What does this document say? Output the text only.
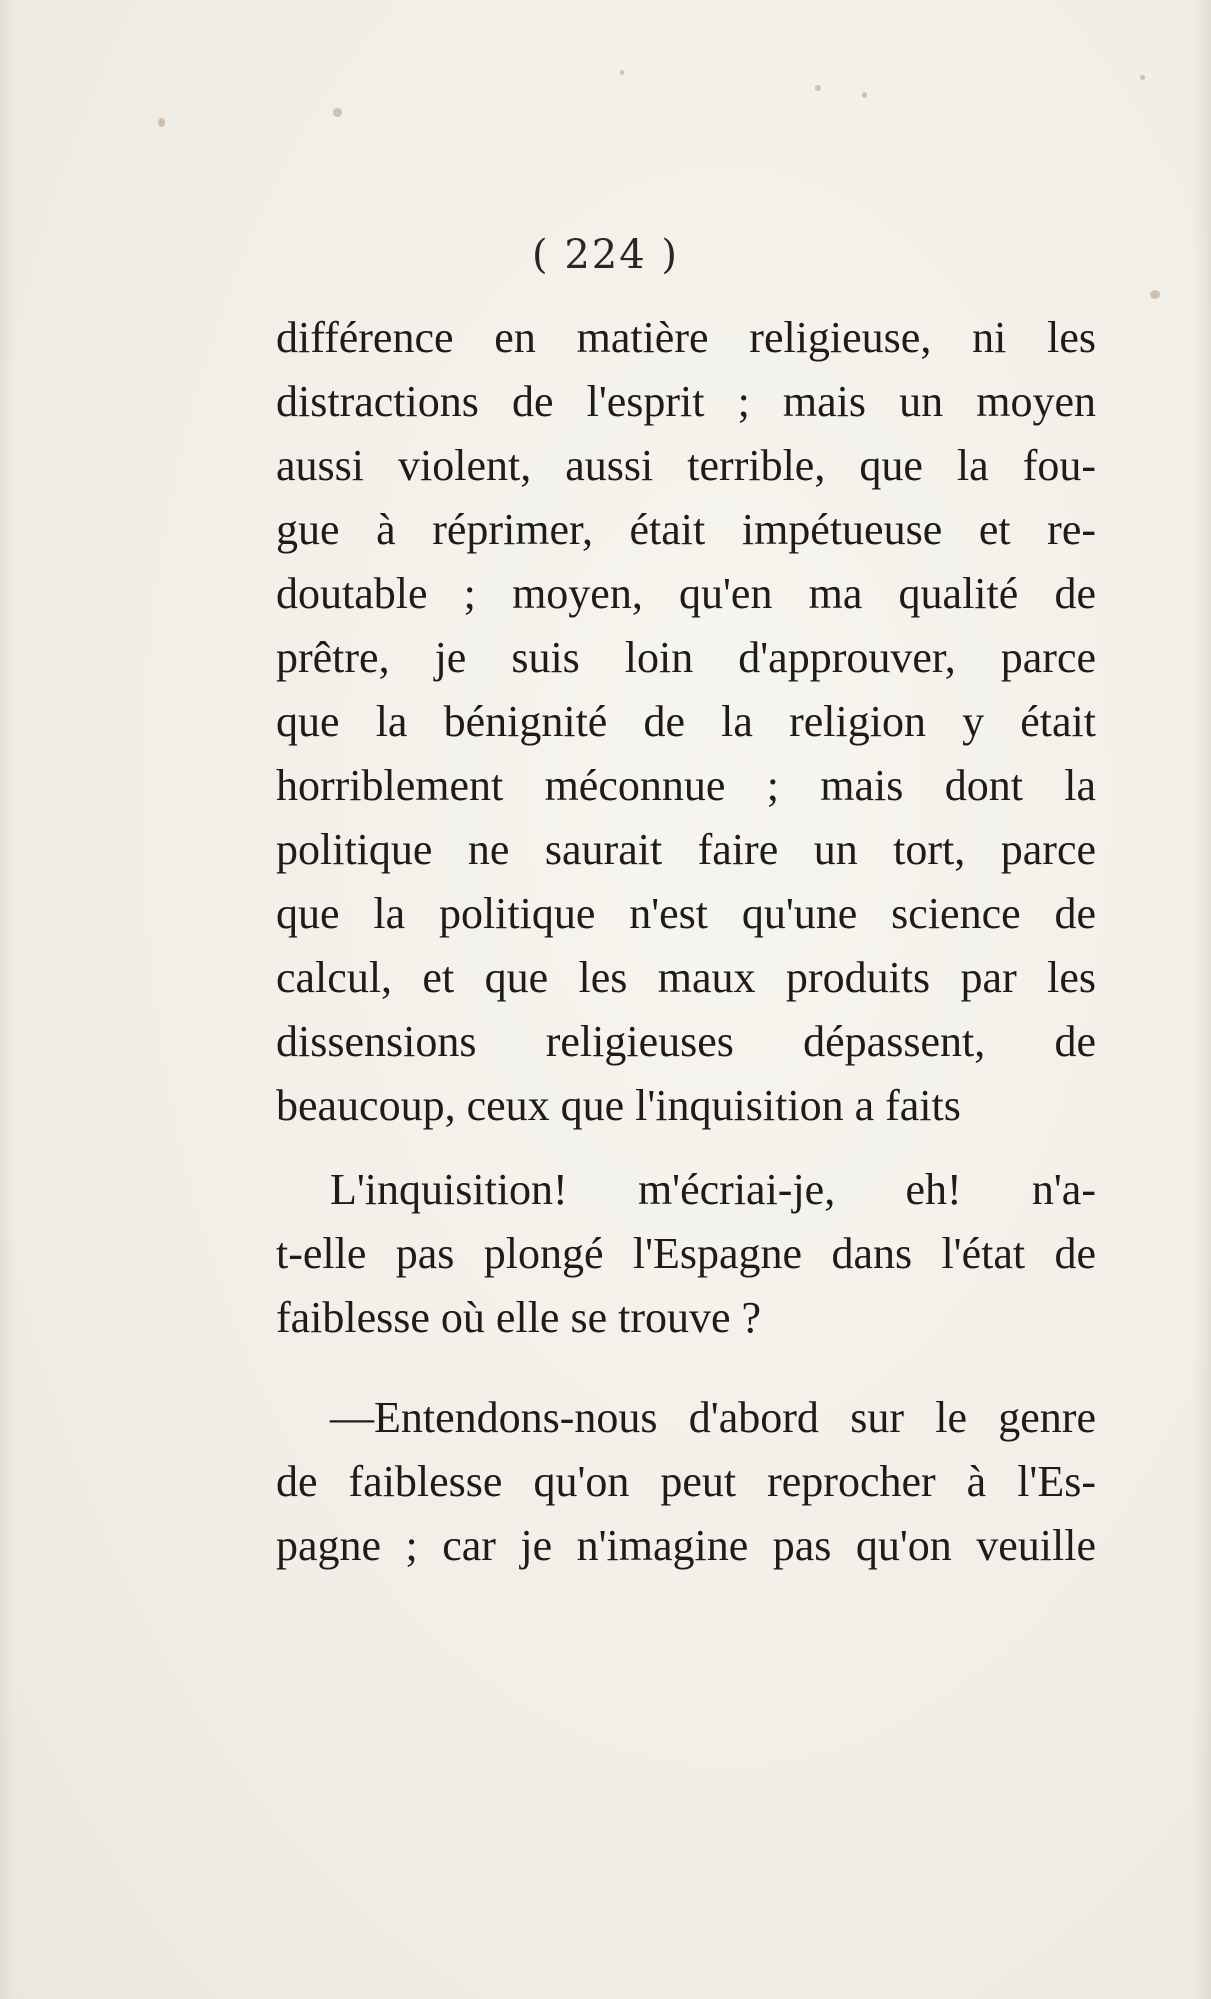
( 224 )
différence en matière religieuse, ni les
distractions de l'esprit ; mais un moyen
aussi violent, aussi terrible, que la fou-
gue à réprimer, était impétueuse et re-
doutable ; moyen, qu'en ma qualité de
prêtre, je suis loin d'approuver, parce
que la bénignité de la religion y était
horriblement méconnue ; mais dont la
politique ne saurait faire un tort, parce
que la politique n'est qu'une science de
calcul, et que les maux produits par les
dissensions religieuses dépassent, de
beaucoup, ceux que l'inquisition a faits
L'inquisition! m'écriai-je, eh! n'a-
t-elle pas plongé l'Espagne dans l'état de
faiblesse où elle se trouve ?
—Entendons-nous d'abord sur le genre
de faiblesse qu'on peut reprocher à l'Es-
pagne ; car je n'imagine pas qu'on veuille
